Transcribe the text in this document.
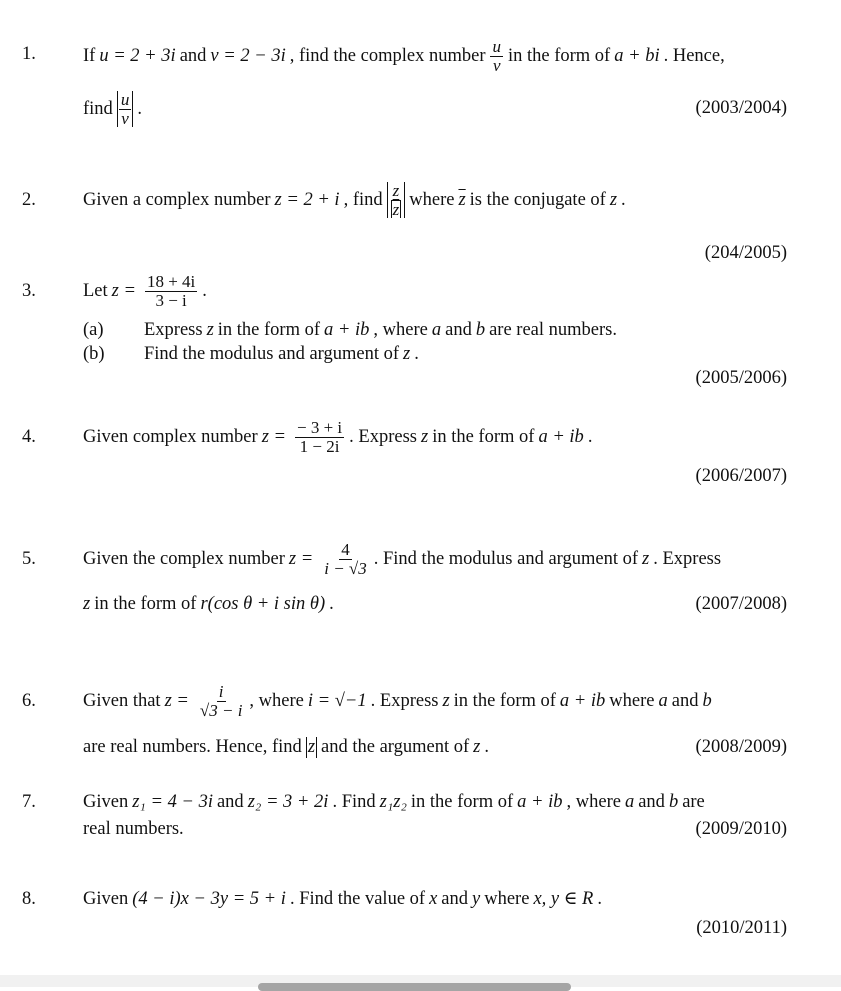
1.	If u = 2 + 3i and v = 2 − 3i , find the complex number $\frac{u}{v}$ in the form of a + bi . Hence,
find $\frac{u}{v}$ .	(2003/2004)
2.	Given a complex number z = 2 + i , find $\frac{z}{z}$ where $\overline{z}$ is the conjugate of z .
(204/2005)
3.	Let $z = \frac{18 + 4i}{3 - i}$ .
(a)	Express z in the form of a + ib , where a and b are real numbers.
(b)	Find the modulus and argument of z .
(2005/2006)
4.	Given complex number $z = \frac{- 3 + i}{1 - 2i}$ . Express z in the form of a + ib .
(2006/2007)
5.	Given the complex number $z = \frac{4}{i - √3}$ . Find the modulus and argument of z . Express
z in the form of r(cos θ + i sin θ) .	(2007/2008)
6.	Given that $z = \frac{i}{√3 - i}$ , where i = √−1 . Express z in the form of a + ib where a and b
are real numbers. Hence, find z and the argument of z .	(2008/2009)
7.	Given z₁ = 4 − 3i and z₂ = 3 + 2i . Find z₁z₂ in the form of a + ib , where a and b are
real numbers.	(2009/2010)
8.	Given (4 − i)x − 3y = 5 + i . Find the value of x and y where x, y ∈ R .
(2010/2011)
